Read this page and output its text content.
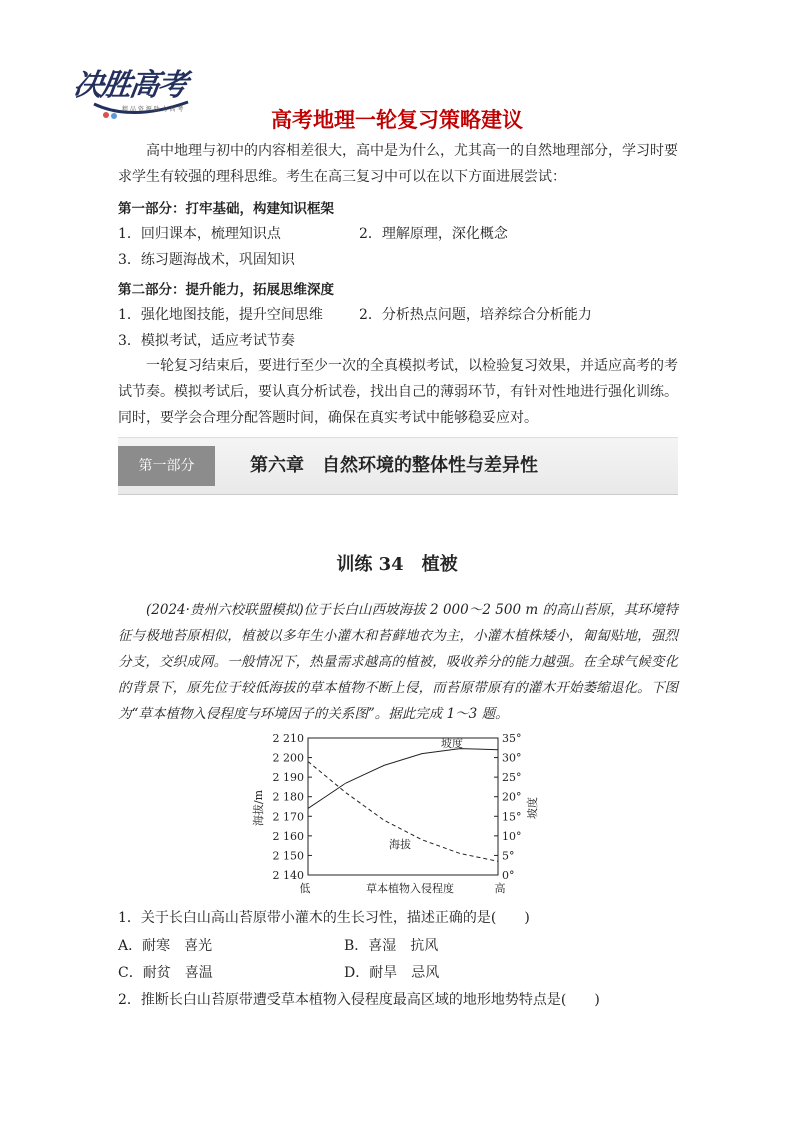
决胜高考
精 品 资 源 助 力 高 考	高考地理一轮复习策略建议

高中地理与初中的内容相差很大，高中是为什么，尤其高一的自然地理部分，学习时要求学生有较强的理科思维。考生在高三复习中可以在以下方面进展尝试：

第一部分：打牢基础，构建知识框架
1．回归课本，梳理知识点	2．理解原理，深化概念
3．练习题海战术，巩固知识
第二部分：提升能力，拓展思维深度
1．强化地图技能，提升空间思维	2．分析热点问题，培养综合分析能力
3．模拟考试，适应考试节奏

一轮复习结束后，要进行至少一次的全真模拟考试，以检验复习效果，并适应高考的考试节奏。模拟考试后，要认真分析试卷，找出自己的薄弱环节，有针对性地进行强化训练。同时，要学会合理分配答题时间，确保在真实考试中能够稳妥应对。

第一部分	第六章　自然环境的整体性与差异性
训练 34　植被

(2024·贵州六校联盟模拟)位于长白山西坡海拔 2 000～2 500 m 的高山苔原，其环境特征与极地苔原相似，植被以多年生小灌木和苔藓地衣为主，小灌木植株矮小，匍匐贴地，强烈分支，交织成网。一般情况下，热量需求越高的植被，吸收养分的能力越强。在全球气候变化的背景下，原先位于较低海拔的草本植物不断上侵，而苔原带原有的灌木开始萎缩退化。下图为“草本植物入侵程度与环境因子的关系图”。据此完成 1～3 题。

2 140
2 150
2 160
2 170
2 180
2 190
2 200
2 210
0°
5°
10°
15°
20°
25°
30°
35°
海拔/m	坡度
草本植物入侵程度
低	高
坡度
海拔
1．关于长白山高山苔原带小灌木的生长习性，描述正确的是(　　)
A．耐寒　喜光	B．喜湿　抗风
C．耐贫　喜温	D．耐旱　忌风
2．推断长白山苔原带遭受草本植物入侵程度最高区域的地形地势特点是(　　)
